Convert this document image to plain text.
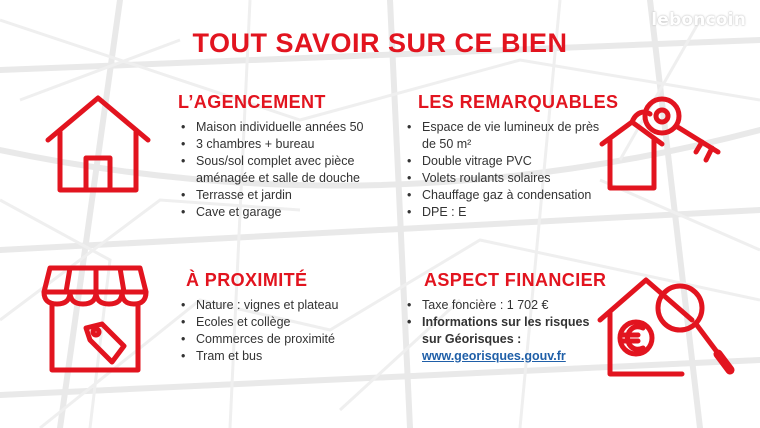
leboncoin
TOUT SAVOIR SUR CE BIEN
L’AGENCEMENT
• Maison individuelle années 50
• 3 chambres + bureau
• Sous/sol complet avec pièce aménagée et salle de douche
• Terrasse et jardin
• Cave et garage
LES REMARQUABLES
• Espace de vie lumineux de près de 50 m²
• Double vitrage PVC
• Volets roulants solaires
• Chauffage gaz à condensation
• DPE : E
À PROXIMITÉ
• Nature : vignes et plateau
• Ecoles et collège
• Commerces de proximité
• Tram et bus
ASPECT FINANCIER
• Taxe foncière : 1 702 €
• Informations sur les risques sur Géorisques :
www.georisques.gouv.fr
